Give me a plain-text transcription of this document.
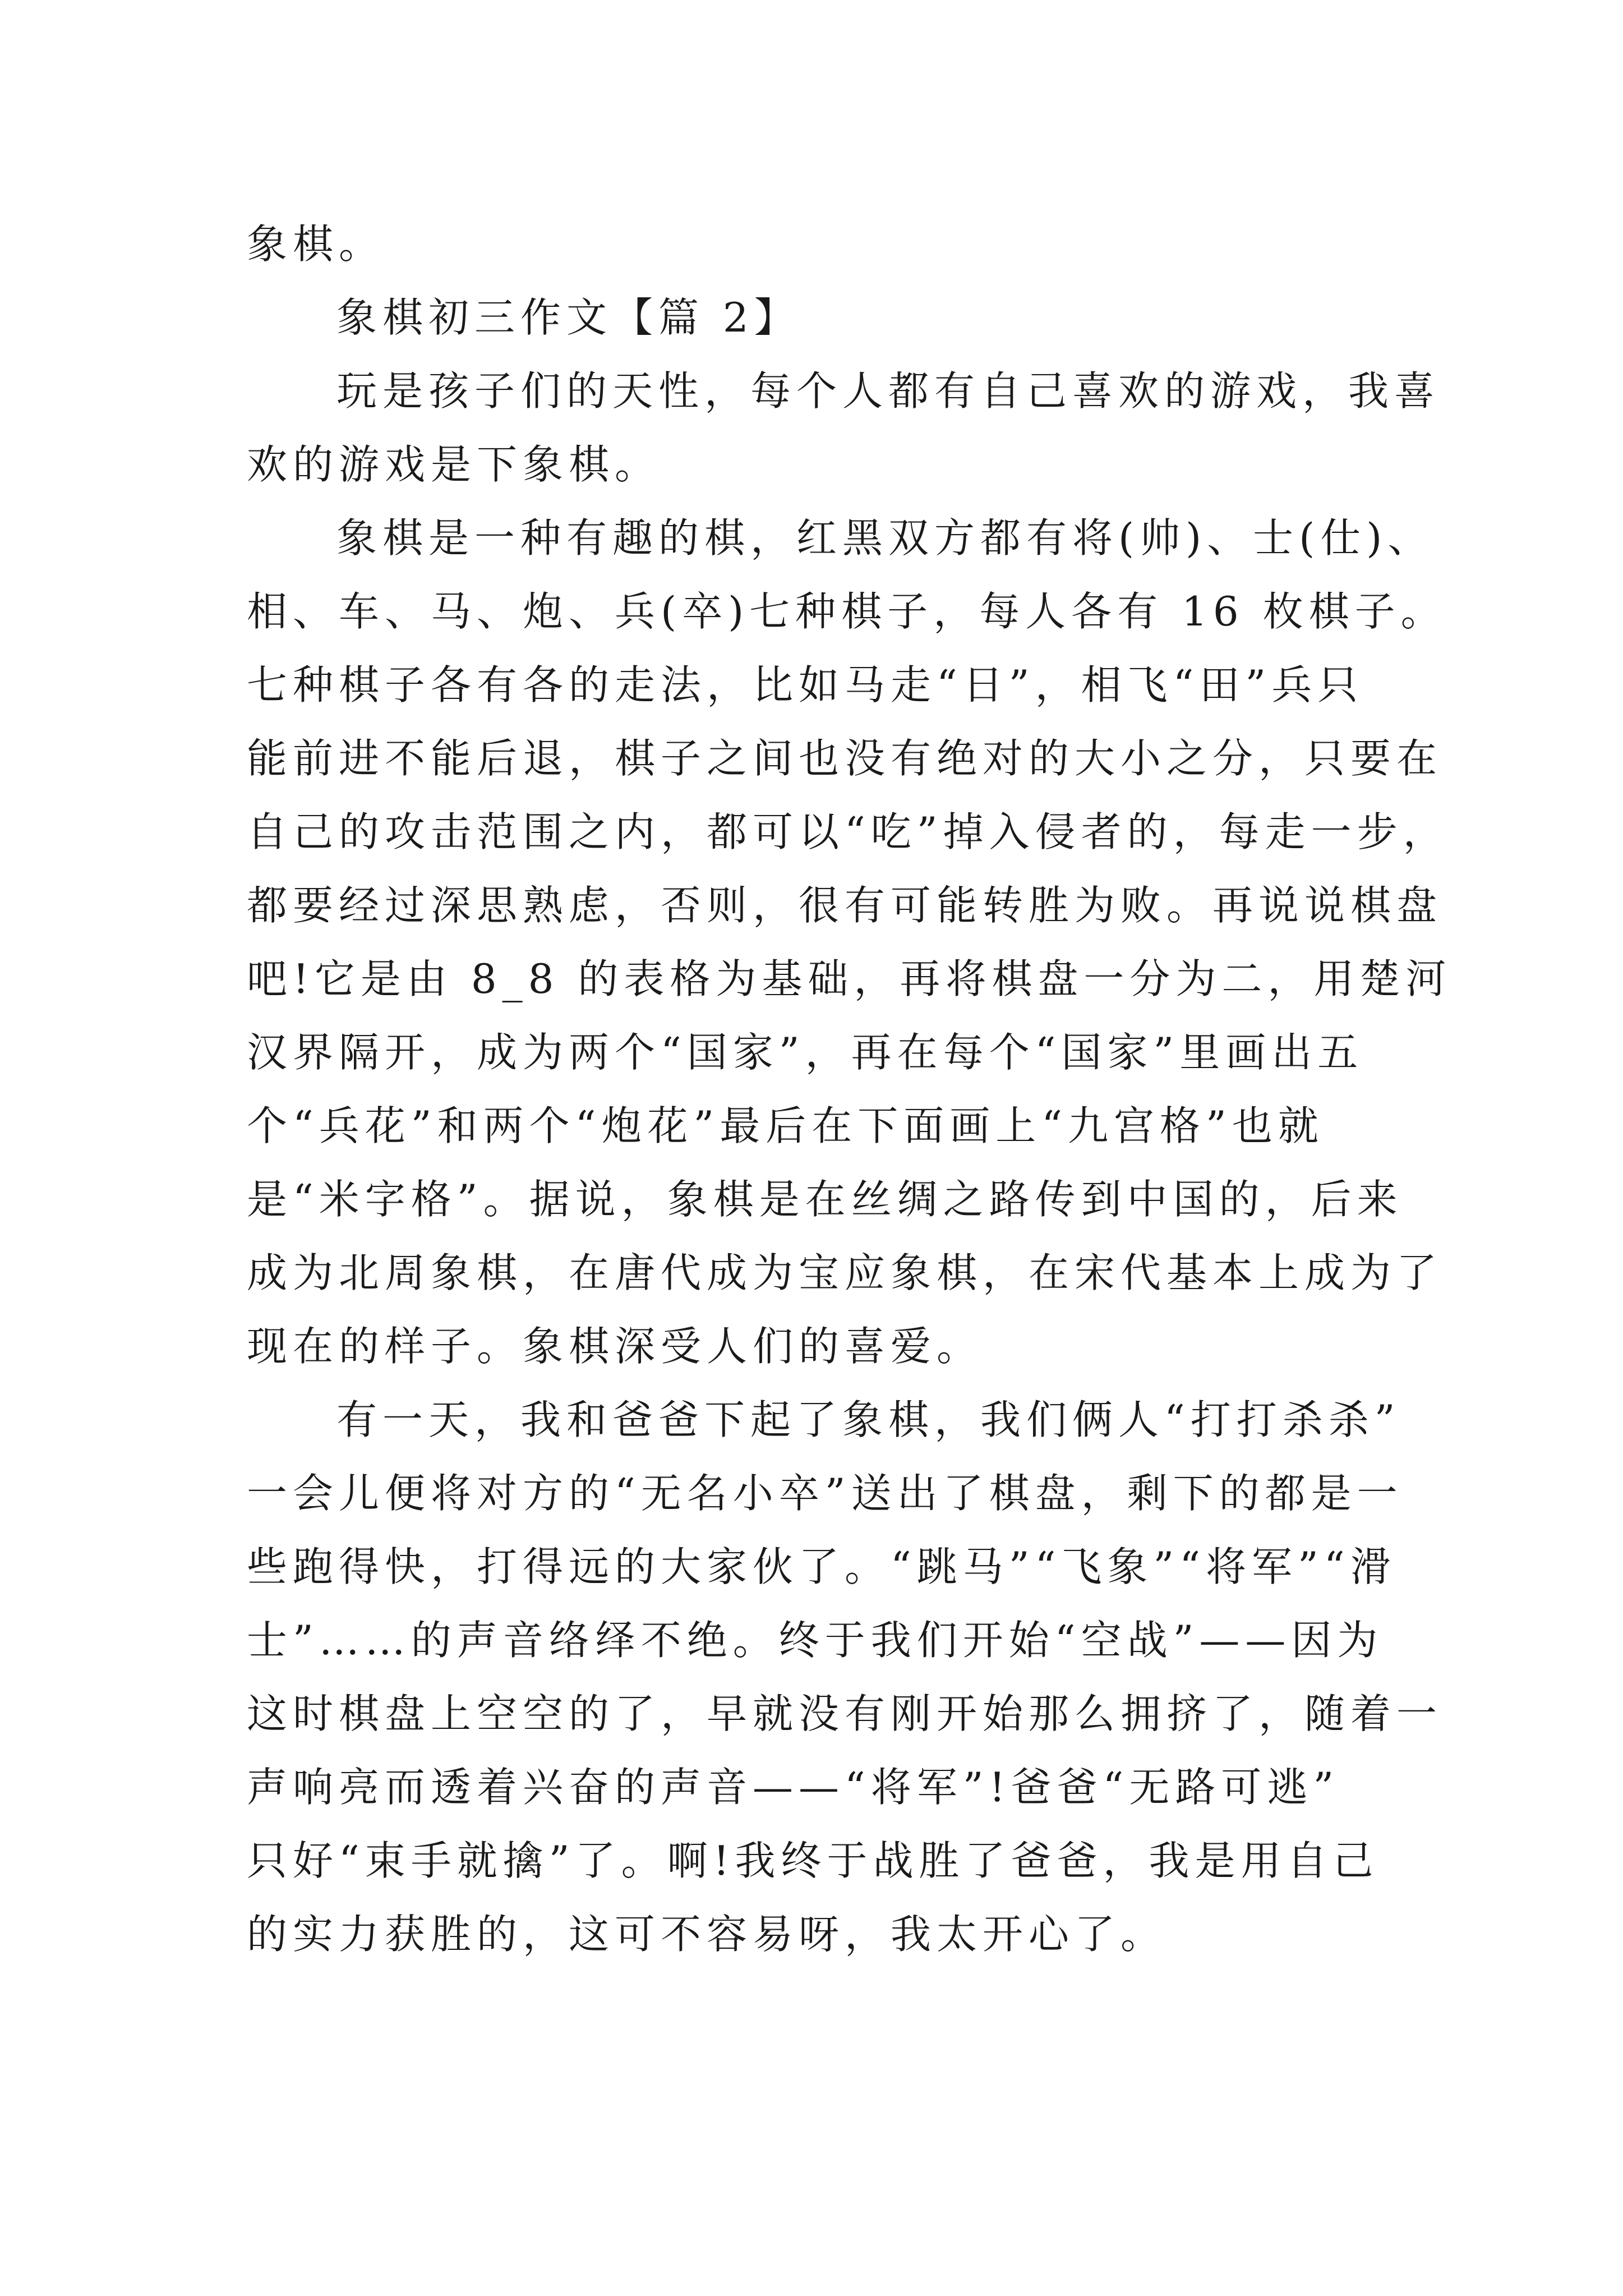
象棋。
象棋初三作文【篇 2】
玩是孩子们的天性，每个人都有自己喜欢的游戏，我喜
欢的游戏是下象棋。
象棋是一种有趣的棋，红黑双方都有将(帅)、士(仕)、
相、车、马、炮、兵(卒)七种棋子，每人各有 16 枚棋子。
七种棋子各有各的走法，比如马走“日”，相飞“田”兵只
能前进不能后退，棋子之间也没有绝对的大小之分，只要在
自己的攻击范围之内，都可以“吃”掉入侵者的，每走一步，
都要经过深思熟虑，否则，很有可能转胜为败。再说说棋盘
吧!它是由 8_8 的表格为基础，再将棋盘一分为二，用楚河
汉界隔开，成为两个“国家”，再在每个“国家”里画出五
个“兵花”和两个“炮花”最后在下面画上“九宫格”也就
是“米字格”。据说，象棋是在丝绸之路传到中国的，后来
成为北周象棋，在唐代成为宝应象棋，在宋代基本上成为了
现在的样子。象棋深受人们的喜爱。
有一天，我和爸爸下起了象棋，我们俩人“打打杀杀”
一会儿便将对方的“无名小卒”送出了棋盘，剩下的都是一
些跑得快，打得远的大家伙了。“跳马”“飞象”“将军”“滑
士”……的声音络绎不绝。终于我们开始“空战”——因为
这时棋盘上空空的了，早就没有刚开始那么拥挤了，随着一
声响亮而透着兴奋的声音——“将军”!爸爸“无路可逃”
只好“束手就擒”了。啊!我终于战胜了爸爸，我是用自己
的实力获胜的，这可不容易呀，我太开心了。
